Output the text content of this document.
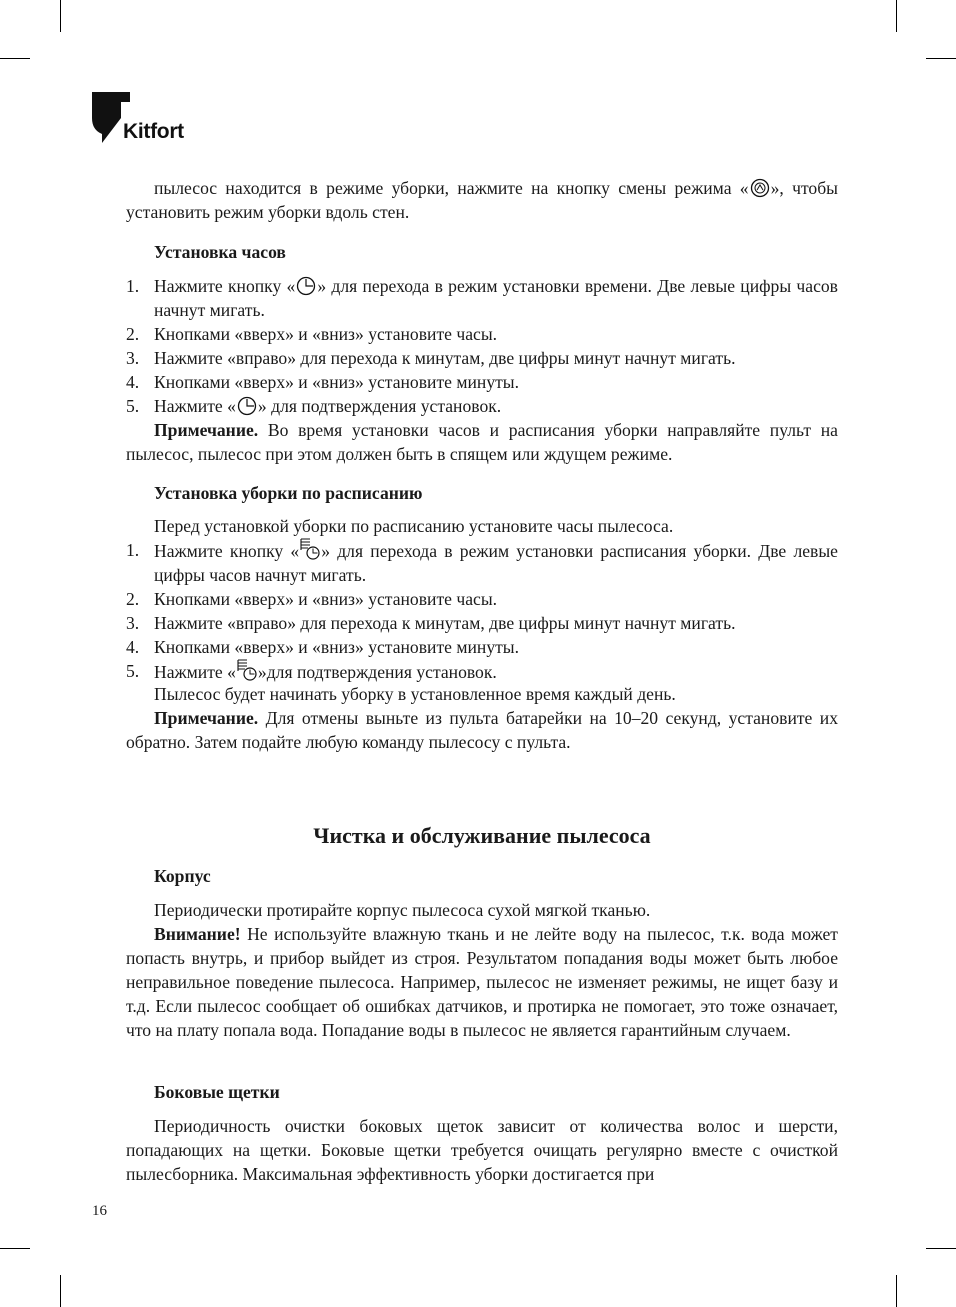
Kitfort
пылесос находится в режиме уборки, нажмите на кнопку смены режима « », чтобы установить режим уборки вдоль стен.
Установка часов
1. Нажмите кнопку « » для перехода в режим установки времени. Две левые цифры часов начнут мигать.
2. Кнопками «вверх» и «вниз» установите часы.
3. Нажмите «вправо» для перехода к минутам, две цифры минут начнут мигать.
4. Кнопками «вверх» и «вниз» установите минуты.
5. Нажмите « » для подтверждения установок.
Примечание. Во время установки часов и расписания уборки направляйте пульт на пылесос, пылесос при этом должен быть в спящем или ждущем режиме.
Установка уборки по расписанию
Перед установкой уборки по расписанию установите часы пылесоса.
1. Нажмите кнопку « » для перехода в режим установки расписания уборки. Две левые цифры часов начнут мигать.
2. Кнопками «вверх» и «вниз» установите часы.
3. Нажмите «вправо» для перехода к минутам, две цифры минут начнут мигать.
4. Кнопками «вверх» и «вниз» установите минуты.
5. Нажмите « »для подтверждения установок.
Пылесос будет начинать уборку в установленное время каждый день.
Примечание. Для отмены выньте из пульта батарейки на 10–20 секунд, установите их обратно. Затем подайте любую команду пылесосу с пульта.
Чистка и обслуживание пылесоса
Корпус
Периодически протирайте корпус пылесоса сухой мягкой тканью.
Внимание! Не используйте влажную ткань и не лейте воду на пылесос, т.к. вода может попасть внутрь, и прибор выйдет из строя. Результатом попадания воды может быть любое неправильное поведение пылесоса. Например, пылесос не изменяет режимы, не ищет базу и т.д. Если пылесос сообщает об ошибках датчиков, и протирка не помогает, это тоже означает, что на плату попала вода. Попадание воды в пылесос не является гарантийным случаем.
Боковые щетки
Периодичность очистки боковых щеток зависит от количества волос и шерсти, попадающих на щетки. Боковые щетки требуется очищать регулярно вместе с очисткой пылесборника. Максимальная эффективность уборки достигается при
16
